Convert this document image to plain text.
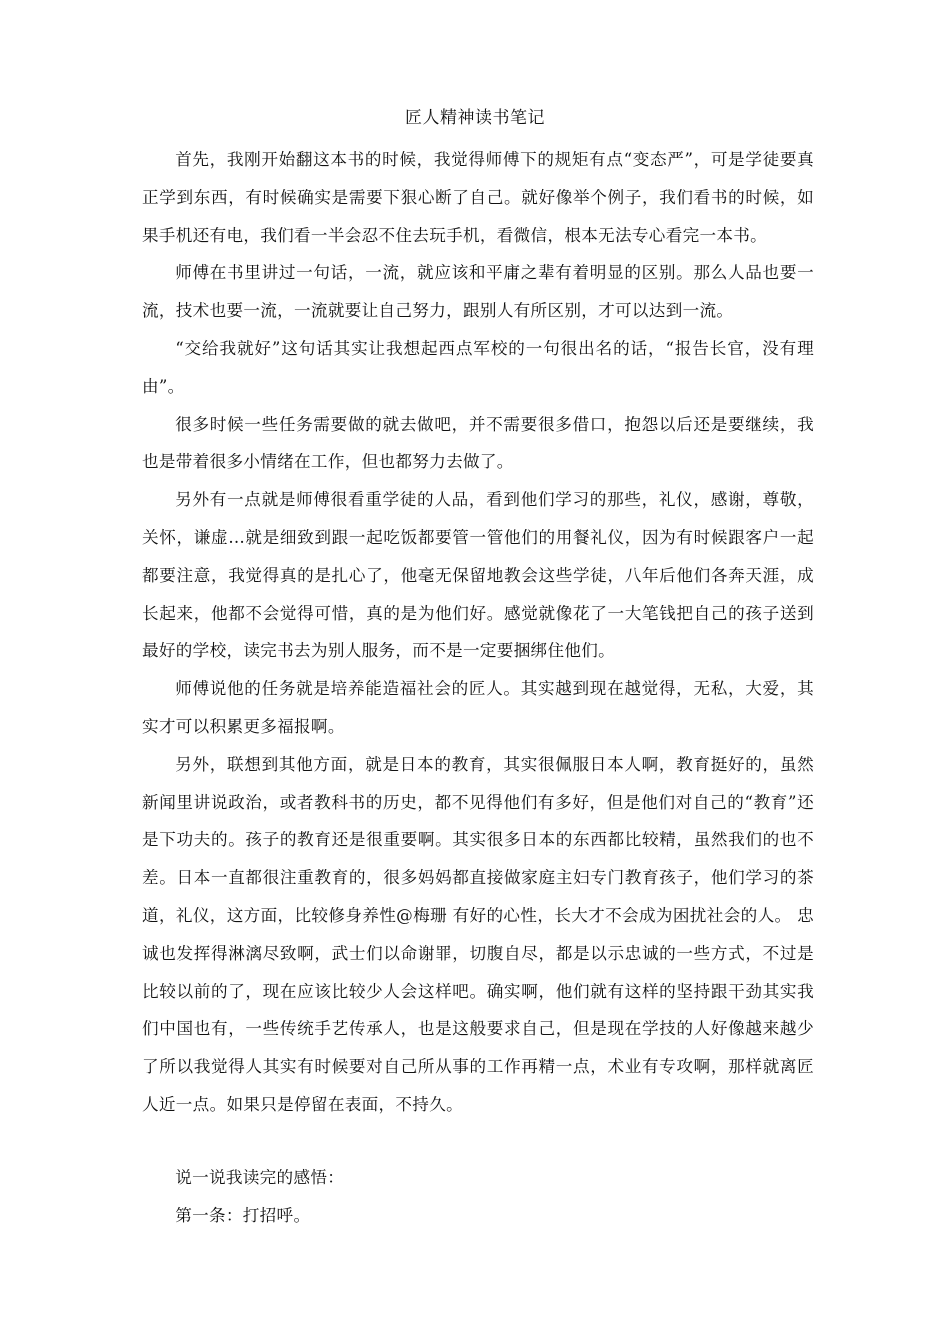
匠人精神读书笔记

首先，我刚开始翻这本书的时候，我觉得师傅下的规矩有点“变态严”，可是学徒要真正学到东西，有时候确实是需要下狠心断了自己。就好像举个例子，我们看书的时候，如果手机还有电，我们看一半会忍不住去玩手机，看微信，根本无法专心看完一本书。

师傅在书里讲过一句话，一流，就应该和平庸之辈有着明显的区别。那么人品也要一流，技术也要一流，一流就要让自己努力，跟别人有所区别，才可以达到一流。

“交给我就好”这句话其实让我想起西点军校的一句很出名的话，“报告长官，没有理由”。

很多时候一些任务需要做的就去做吧，并不需要很多借口，抱怨以后还是要继续，我也是带着很多小情绪在工作，但也都努力去做了。

另外有一点就是师傅很看重学徒的人品，看到他们学习的那些，礼仪，感谢，尊敬，关怀，谦虚…就是细致到跟一起吃饭都要管一管他们的用餐礼仪，因为有时候跟客户一起都要注意，我觉得真的是扎心了，他毫无保留地教会这些学徒，八年后他们各奔天涯，成长起来，他都不会觉得可惜，真的是为他们好。感觉就像花了一大笔钱把自己的孩子送到最好的学校，读完书去为别人服务，而不是一定要捆绑住他们。

师傅说他的任务就是培养能造福社会的匠人。其实越到现在越觉得，无私，大爱，其实才可以积累更多福报啊。

另外，联想到其他方面，就是日本的教育，其实很佩服日本人啊，教育挺好的，虽然新闻里讲说政治，或者教科书的历史，都不见得他们有多好，但是他们对自己的“教育”还是下功夫的。孩子的教育还是很重要啊。其实很多日本的东西都比较精，虽然我们的也不差。日本一直都很注重教育的，很多妈妈都直接做家庭主妇专门教育孩子，他们学习的茶道，礼仪，这方面，比较修身养性@梅珊 有好的心性，长大才不会成为困扰社会的人。 忠诚也发挥得淋漓尽致啊，武士们以命谢罪，切腹自尽，都是以示忠诚的一些方式，不过是比较以前的了，现在应该比较少人会这样吧。确实啊，他们就有这样的坚持跟干劲其实我们中国也有，一些传统手艺传承人，也是这般要求自己，但是现在学技的人好像越来越少了所以我觉得人其实有时候要对自己所从事的工作再精一点，术业有专攻啊，那样就离匠人近一点。如果只是停留在表面，不持久。

说一说我读完的感悟：

第一条：打招呼。
